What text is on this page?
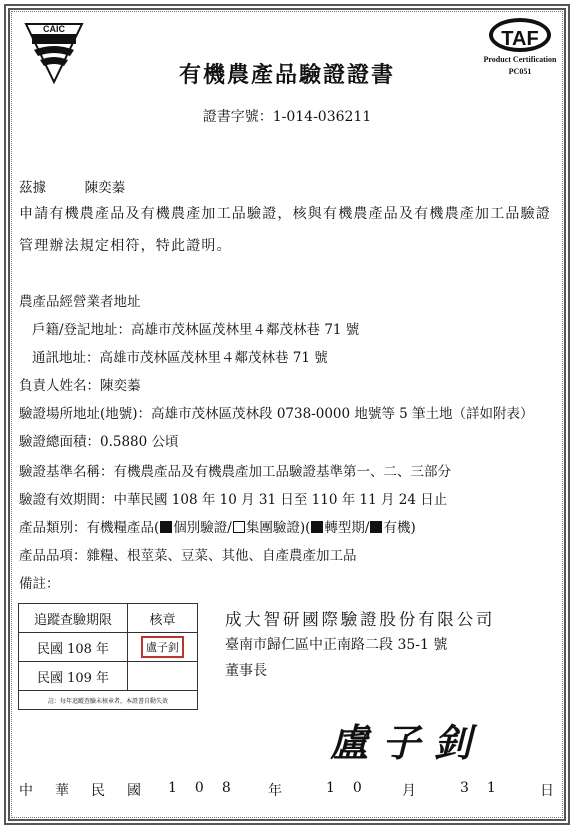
CAIC	TAF
Product Certification
PC051
有機農產品驗證證書
證書字號：1-014-036211
茲據	陳奕蓁
申請有機農產品及有機農產加工品驗證，核與有機農產品及有機農產加工品驗證管理辦法規定相符，特此證明。
農產品經營業者地址
戶籍/登記地址：高雄市茂林區茂林里４鄰茂林巷 71 號
通訊地址：高雄市茂林區茂林里４鄰茂林巷 71 號
負責人姓名：陳奕蓁
驗證場所地址(地號)：高雄市茂林區茂林段 0738-0000 地號等 5 筆土地（詳如附表）
驗證總面積：0.5880 公頃
驗證基準名稱：有機農產品及有機農產加工品驗證基準第一、二、三部分
驗證有效期間：中華民國 108 年 10 月 31 日至 110 年 11 月 24 日止
產品類別：有機糧產品( 個別驗證/ 集團驗證)( 轉型期/ 有機)
產品品項：雜糧、根莖菜、豆菜、其他、自產農產加工品
備註：
追蹤查驗期限	核章
民國 108 年	盧子釗
民國 109 年	
註：每年追蹤查驗未核章者，本證書自動失效	
成大智研國際驗證股份有限公司
臺南市歸仁區中正南路二段 35-1 號
董事長
盧子釗
中華民國 108 年	10 月	31 日
